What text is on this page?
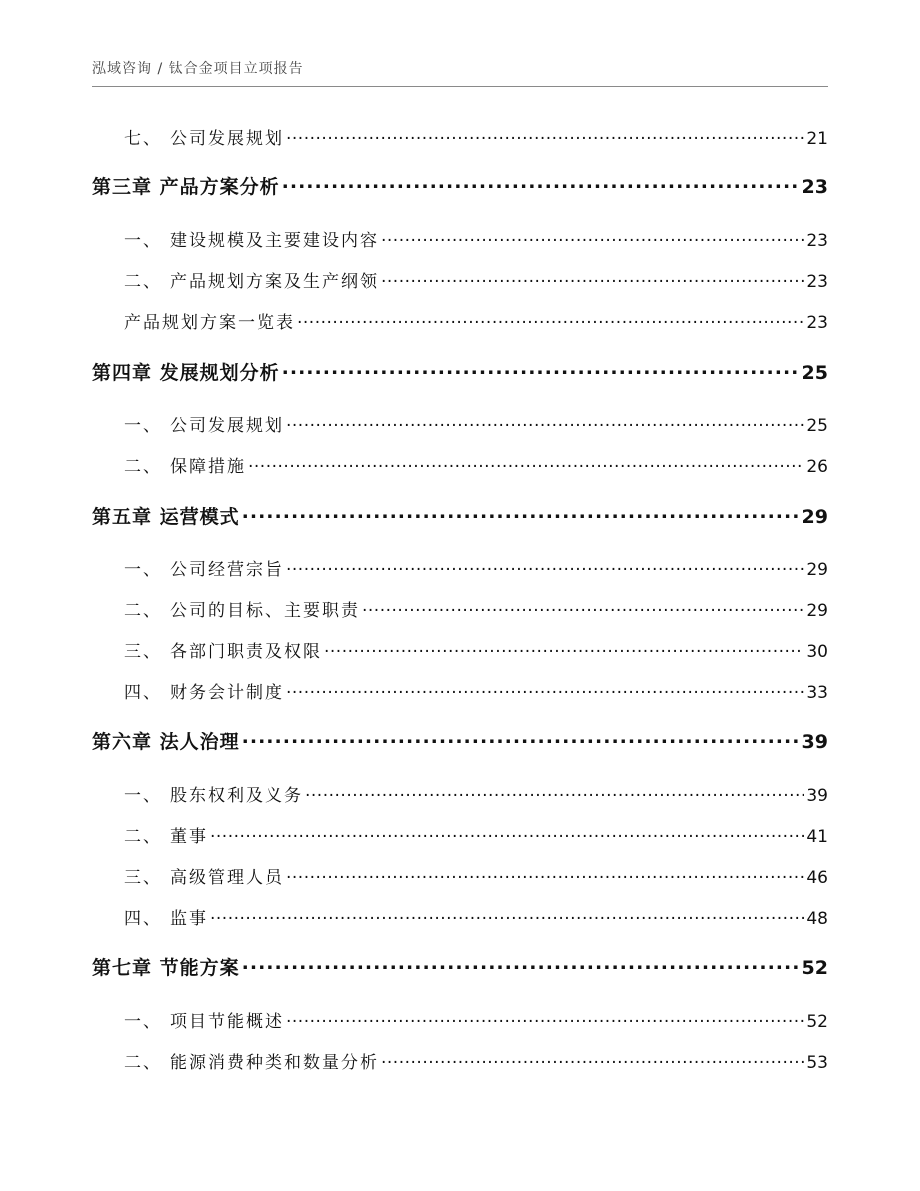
泓域咨询 / 钛合金项目立项报告
七、 公司发展规划 .....	21
第三章 产品方案分析 .....	23
一、 建设规模及主要建设内容 .....	23
二、 产品规划方案及生产纲领 .....	23
产品规划方案一览表 .....	23
第四章 发展规划分析 .....	25
一、 公司发展规划 .....	25
二、 保障措施 .....	26
第五章 运营模式 .....	29
一、 公司经营宗旨 .....	29
二、 公司的目标、主要职责 .....	29
三、 各部门职责及权限 .....	30
四、 财务会计制度 .....	33
第六章 法人治理 .....	39
一、 股东权利及义务 .....	39
二、 董事 .....	41
三、 高级管理人员 .....	46
四、 监事 .....	48
第七章 节能方案 .....	52
一、 项目节能概述 .....	52
二、 能源消费种类和数量分析 .....	53
